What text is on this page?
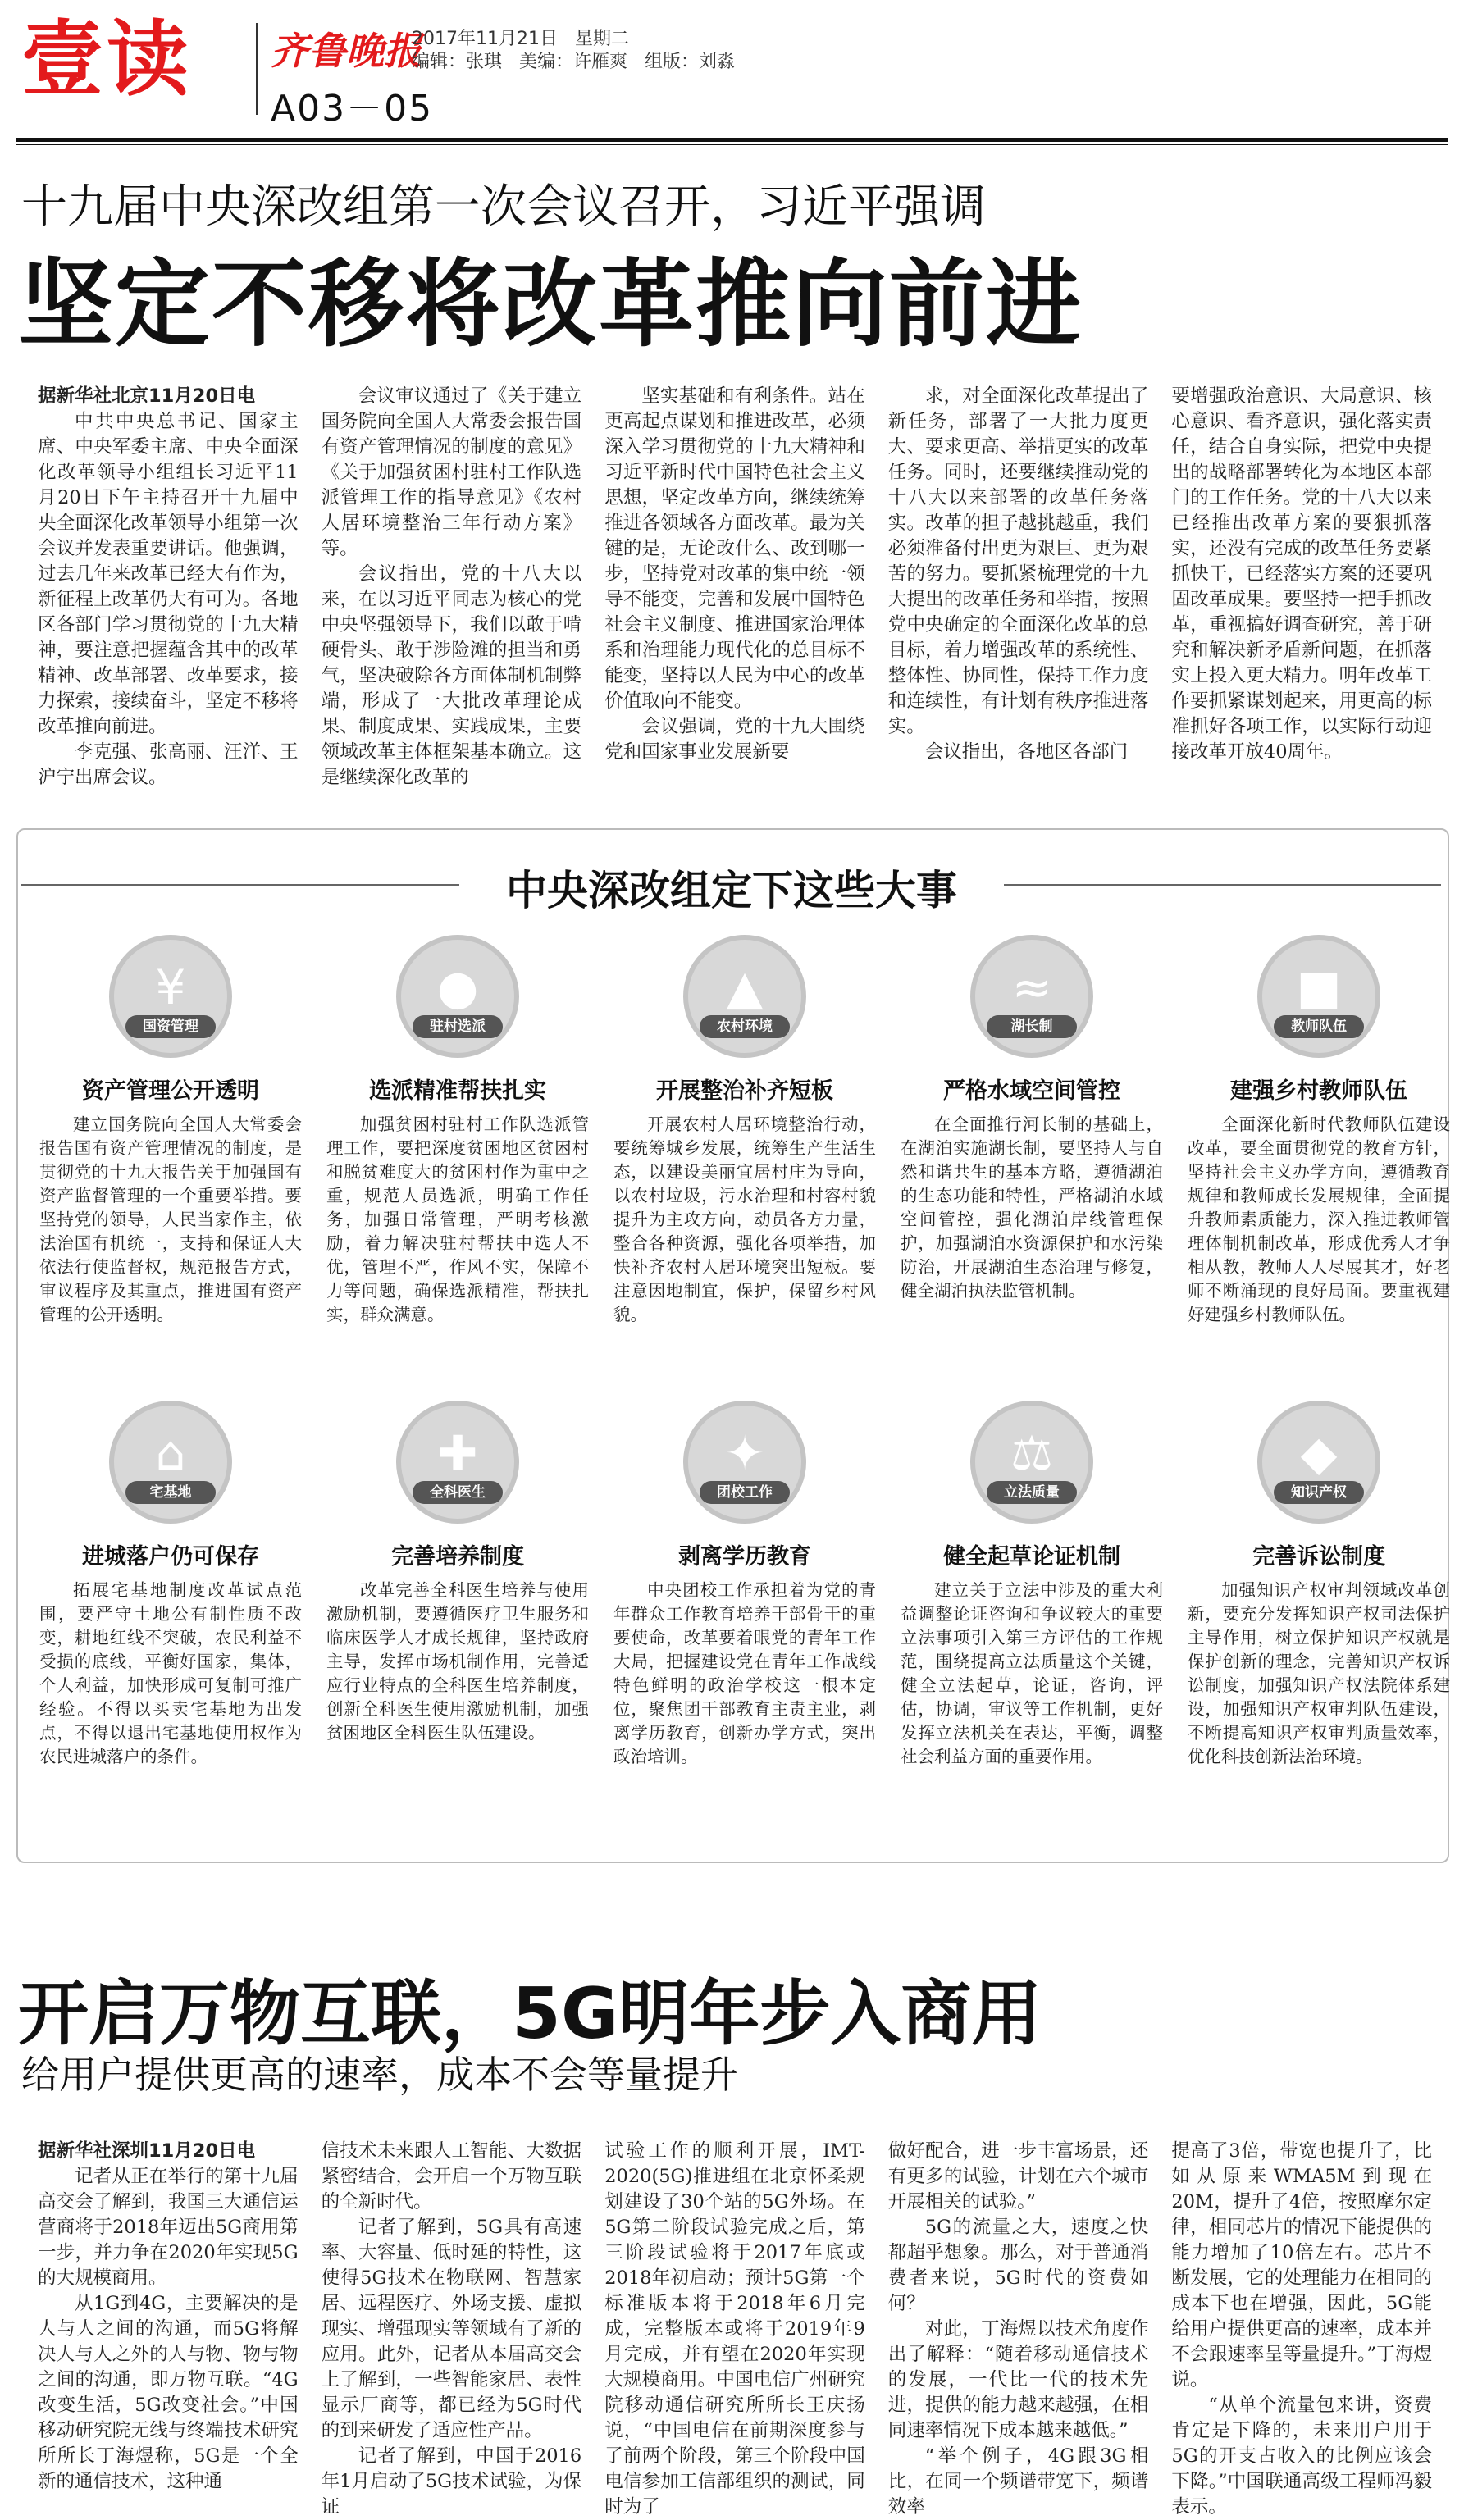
壹读 齐鲁晚报
2017年11月21日 星期二
编辑：张琪 美编：许雁爽 组版：刘淼
A03－05
十九届中央深改组第一次会议召开，习近平强调
坚定不移将改革推向前进

据新华社北京11月20日电

中共中央总书记、国家主席、中央军委主席、中央全面深化改革领导小组组长习近平11月20日下午主持召开十九届中央全面深化改革领导小组第一次会议并发表重要讲话。他强调，过去几年来改革已经大有作为，新征程上改革仍大有可为。各地区各部门学习贯彻党的十九大精神，要注意把握蕴含其中的改革精神、改革部署、改革要求，接力探索，接续奋斗，坚定不移将改革推向前进。

李克强、张高丽、汪洋、王沪宁出席会议。

会议审议通过了《关于建立国务院向全国人大常委会报告国有资产管理情况的制度的意见》《关于加强贫困村驻村工作队选派管理工作的指导意见》《农村人居环境整治三年行动方案》等。

会议指出，党的十八大以来，在以习近平同志为核心的党中央坚强领导下，我们以敢于啃硬骨头、敢于涉险滩的担当和勇气，坚决破除各方面体制机制弊端，形成了一大批改革理论成果、制度成果、实践成果，主要领域改革主体框架基本确立。这是继续深化改革的

坚实基础和有利条件。站在更高起点谋划和推进改革，必须深入学习贯彻党的十九大精神和习近平新时代中国特色社会主义思想，坚定改革方向，继续统筹推进各领域各方面改革。最为关键的是，无论改什么、改到哪一步，坚持党对改革的集中统一领导不能变，完善和发展中国特色社会主义制度、推进国家治理体系和治理能力现代化的总目标不能变，坚持以人民为中心的改革价值取向不能变。

会议强调，党的十九大围绕党和国家事业发展新要

求，对全面深化改革提出了新任务，部署了一大批力度更大、要求更高、举措更实的改革任务。同时，还要继续推动党的十八大以来部署的改革任务落实。改革的担子越挑越重，我们必须准备付出更为艰巨、更为艰苦的努力。要抓紧梳理党的十九大提出的改革任务和举措，按照党中央确定的全面深化改革的总目标，着力增强改革的系统性、整体性、协同性，保持工作力度和连续性，有计划有秩序推进落实。

会议指出，各地区各部门

要增强政治意识、大局意识、核心意识、看齐意识，强化落实责任，结合自身实际，把党中央提出的战略部署转化为本地区本部门的工作任务。党的十八大以来已经推出改革方案的要狠抓落实，还没有完成的改革任务要紧抓快干，已经落实方案的还要巩固改革成果。要坚持一把手抓改革，重视搞好调查研究，善于研究和解决新矛盾新问题，在抓落实上投入更大精力。明年改革工作要抓紧谋划起来，用更高的标准抓好各项工作，以实际行动迎接改革开放40周年。

中央深改组定下这些大事
¥
国资管理
资产管理公开透明
建立国务院向全国人大常委会报告国有资产管理情况的制度，是贯彻党的十九大报告关于加强国有资产监督管理的一个重要举措。要坚持党的领导，人民当家作主，依法治国有机统一，支持和保证人大依法行使监督权，规范报告方式，审议程序及其重点，推进国有资产管理的公开透明。
●
驻村选派
选派精准帮扶扎实
加强贫困村驻村工作队选派管理工作，要把深度贫困地区贫困村和脱贫难度大的贫困村作为重中之重，规范人员选派，明确工作任务，加强日常管理，严明考核激励，着力解决驻村帮扶中选人不优，管理不严，作风不实，保障不力等问题，确保选派精准，帮扶扎实，群众满意。
▲
农村环境
开展整治补齐短板
开展农村人居环境整治行动，要统筹城乡发展，统筹生产生活生态，以建设美丽宜居村庄为导向，以农村垃圾，污水治理和村容村貌提升为主攻方向，动员各方力量，整合各种资源，强化各项举措，加快补齐农村人居环境突出短板。要注意因地制宜，保护，保留乡村风貌。
≈
湖长制
严格水域空间管控
在全面推行河长制的基础上，在湖泊实施湖长制，要坚持人与自然和谐共生的基本方略，遵循湖泊的生态功能和特性，严格湖泊水域空间管控，强化湖泊岸线管理保护，加强湖泊水资源保护和水污染防治，开展湖泊生态治理与修复，健全湖泊执法监管机制。
■
教师队伍
建强乡村教师队伍
全面深化新时代教师队伍建设改革，要全面贯彻党的教育方针，坚持社会主义办学方向，遵循教育规律和教师成长发展规律，全面提升教师素质能力，深入推进教师管理体制机制改革，形成优秀人才争相从教，教师人人尽展其才，好老师不断涌现的良好局面。要重视建好建强乡村教师队伍。
⌂
宅基地
进城落户仍可保存
拓展宅基地制度改革试点范围，要严守土地公有制性质不改变，耕地红线不突破，农民利益不受损的底线，平衡好国家，集体，个人利益，加快形成可复制可推广经验。不得以买卖宅基地为出发点，不得以退出宅基地使用权作为农民进城落户的条件。
✚
全科医生
完善培养制度
改革完善全科医生培养与使用激励机制，要遵循医疗卫生服务和临床医学人才成长规律，坚持政府主导，发挥市场机制作用，完善适应行业特点的全科医生培养制度，创新全科医生使用激励机制，加强贫困地区全科医生队伍建设。
✦
团校工作
剥离学历教育
中央团校工作承担着为党的青年群众工作教育培养干部骨干的重要使命，改革要着眼党的青年工作大局，把握建设党在青年工作战线特色鲜明的政治学校这一根本定位，聚焦团干部教育主责主业，剥离学历教育，创新办学方式，突出政治培训。
⚖
立法质量
健全起草论证机制
建立关于立法中涉及的重大利益调整论证咨询和争议较大的重要立法事项引入第三方评估的工作规范，围绕提高立法质量这个关键，健全立法起草，论证，咨询，评估，协调，审议等工作机制，更好发挥立法机关在表达，平衡，调整社会利益方面的重要作用。
◆
知识产权
完善诉讼制度
加强知识产权审判领域改革创新，要充分发挥知识产权司法保护主导作用，树立保护知识产权就是保护创新的理念，完善知识产权诉讼制度，加强知识产权法院体系建设，加强知识产权审判队伍建设，不断提高知识产权审判质量效率，优化科技创新法治环境。
开启万物互联，5G明年步入商用
给用户提供更高的速率，成本不会等量提升

据新华社深圳11月20日电

记者从正在举行的第十九届高交会了解到，我国三大通信运营商将于2018年迈出5G商用第一步，并力争在2020年实现5G的大规模商用。

从1G到4G，主要解决的是人与人之间的沟通，而5G将解决人与人之外的人与物、物与物之间的沟通，即万物互联。“4G改变生活，5G改变社会。”中国移动研究院无线与终端技术研究所所长丁海煜称，5G是一个全新的通信技术，这种通

信技术未来跟人工智能、大数据紧密结合，会开启一个万物互联的全新时代。

记者了解到，5G具有高速率、大容量、低时延的特性，这使得5G技术在物联网、智慧家居、远程医疗、外场支援、虚拟现实、增强现实等领域有了新的应用。此外，记者从本届高交会上了解到，一些智能家居、表性显示厂商等，都已经为5G时代的到来研发了适应性产品。

记者了解到，中国于2016年1月启动了5G技术试验，为保证

试验工作的顺利开展，IMT-2020(5G)推进组在北京怀柔规划建设了30个站的5G外场。在5G第二阶段试验完成之后，第三阶段试验将于2017年底或2018年初启动；预计5G第一个标准版本将于2018年6月完成，完整版本或将于2019年9月完成，并有望在2020年实现大规模商用。中国电信广州研究院移动通信研究所所长王庆扬说，“中国电信在前期深度参与了前两个阶段，第三个阶段中国电信参加工信部组织的测试，同时为了

做好配合，进一步丰富场景，还有更多的试验，计划在六个城市开展相关的试验。”

5G的流量之大，速度之快都超乎想象。那么，对于普通消费者来说，5G时代的资费如何？

对此，丁海煜以技术角度作出了解释：“随着移动通信技术的发展，一代比一代的技术先进，提供的能力越来越强，在相同速率情况下成本越来越低。”

“举个例子，4G跟3G相比，在同一个频谱带宽下，频谱效率

提高了3倍，带宽也提升了，比如从原来WMA5M到现在20M，提升了4倍，按照摩尔定律，相同芯片的情况下能提供的能力增加了10倍左右。芯片不断发展，它的处理能力在相同的成本下也在增强，因此，5G能给用户提供更高的速率，成本并不会跟速率呈等量提升。”丁海煜说。

“从单个流量包来讲，资费肯定是下降的，未来用户用于5G的开支占收入的比例应该会下降。”中国联通高级工程师冯毅表示。
